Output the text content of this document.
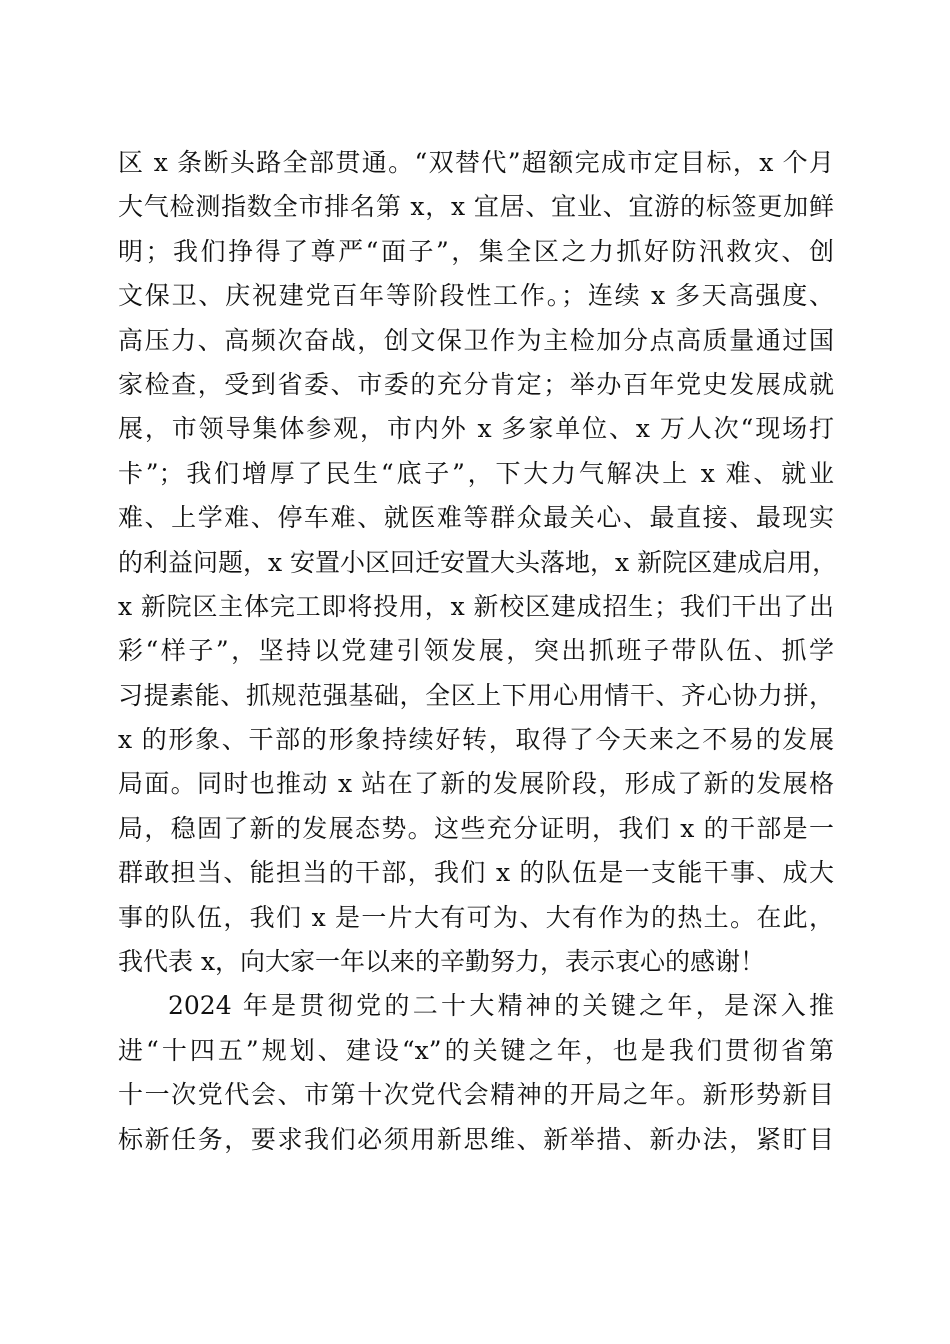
区 x 条断头路全部贯通。“双替代”超额完成市定目标，x 个月
大气检测指数全市排名第 x，x 宜居、宜业、宜游的标签更加鲜
明；我们挣得了尊严“面子”，集全区之力抓好防汛救灾、创
文保卫、庆祝建党百年等阶段性工作。；连续 x 多天高强度、
高压力、高频次奋战，创文保卫作为主检加分点高质量通过国
家检查，受到省委、市委的充分肯定；举办百年党史发展成就
展，市领导集体参观，市内外 x 多家单位、x 万人次“现场打
卡”；我们增厚了民生“底子”，下大力气解决上 x 难、就业
难、上学难、停车难、就医难等群众最关心、最直接、最现实
的利益问题，x 安置小区回迁安置大头落地，x 新院区建成启用，
x 新院区主体完工即将投用，x 新校区建成招生；我们干出了出
彩“样子”，坚持以党建引领发展，突出抓班子带队伍、抓学
习提素能、抓规范强基础，全区上下用心用情干、齐心协力拼，
x 的形象、干部的形象持续好转，取得了今天来之不易的发展
局面。同时也推动 x 站在了新的发展阶段，形成了新的发展格
局，稳固了新的发展态势。这些充分证明，我们 x 的干部是一
群敢担当、能担当的干部，我们 x 的队伍是一支能干事、成大
事的队伍，我们 x 是一片大有可为、大有作为的热土。在此，
我代表 x，向大家一年以来的辛勤努力，表示衷心的感谢！
2024 年是贯彻党的二十大精神的关键之年，是深入推
进“十四五”规划、建设“x”的关键之年，也是我们贯彻省第
十一次党代会、市第十次党代会精神的开局之年。新形势新目
标新任务，要求我们必须用新思维、新举措、新办法，紧盯目
